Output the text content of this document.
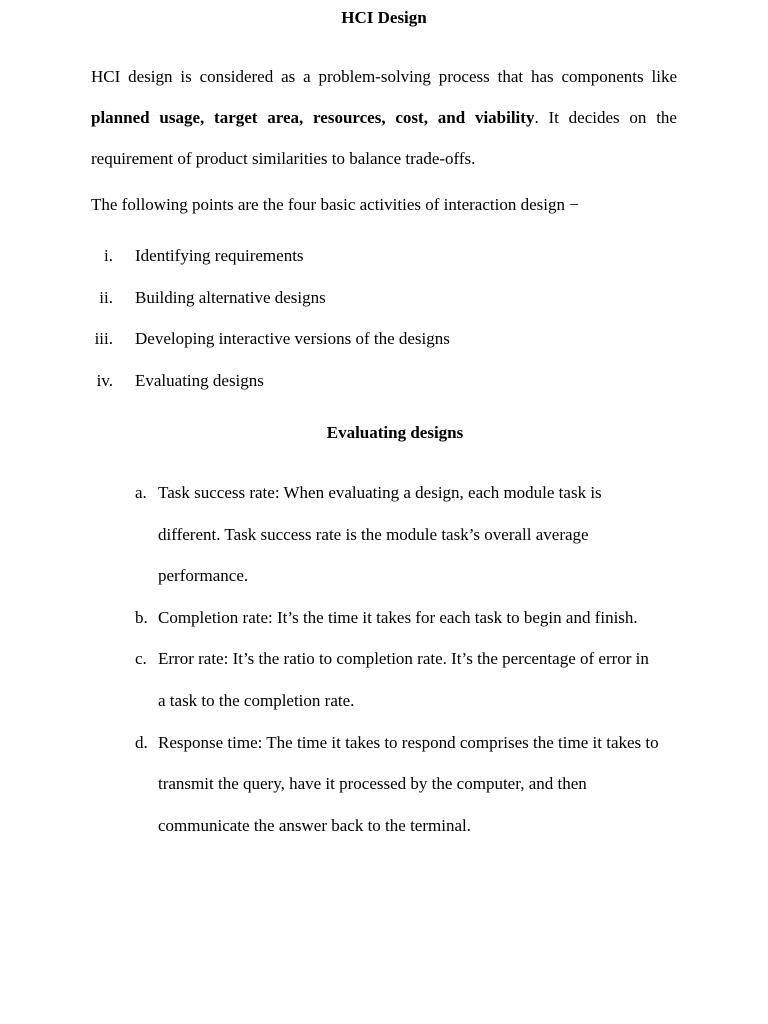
HCI Design
HCI design is considered as a problem-solving process that has components like
planned usage, target area, resources, cost, and viability. It decides on the
requirement of product similarities to balance trade-offs.
The following points are the four basic activities of interaction design −
i. Identifying requirements
ii. Building alternative designs
iii. Developing interactive versions of the designs
iv. Evaluating designs
Evaluating designs
a. Task success rate: When evaluating a design, each module task is
different. Task success rate is the module task’s overall average
performance.
b. Completion rate: It’s the time it takes for each task to begin and finish.
c. Error rate: It’s the ratio to completion rate. It’s the percentage of error in
a task to the completion rate.
d. Response time: The time it takes to respond comprises the time it takes to
transmit the query, have it processed by the computer, and then
communicate the answer back to the terminal.
